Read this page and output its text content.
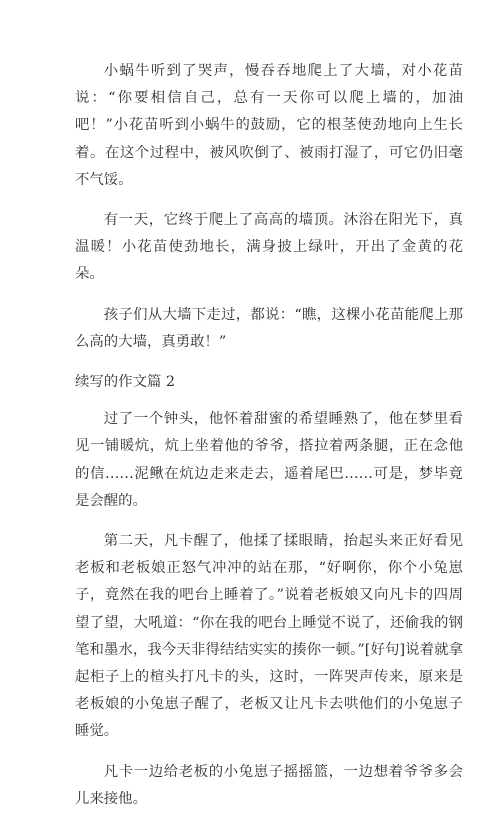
小蜗牛听到了哭声，慢吞吞地爬上了大墙，对小花苗说：“你要相信自己，总有一天你可以爬上墙的，加油吧！”小花苗听到小蜗牛的鼓励，它的根茎使劲地向上生长着。在这个过程中，被风吹倒了、被雨打湿了，可它仍旧毫不气馁。

有一天，它终于爬上了高高的墙顶。沐浴在阳光下，真温暖！小花苗使劲地长，满身披上绿叶，开出了金黄的花朵。

孩子们从大墙下走过，都说：“瞧，这棵小花苗能爬上那么高的大墙，真勇敢！”

续写的作文篇 2

过了一个钟头，他怀着甜蜜的希望睡熟了，他在梦里看见一铺暖炕，炕上坐着他的爷爷，搭拉着两条腿，正在念他的信……泥鳅在炕边走来走去，遥着尾巴……可是，梦毕竟是会醒的。

第二天，凡卡醒了，他揉了揉眼睛，抬起头来正好看见老板和老板娘正怒气冲冲的站在那，“好啊你，你个小兔崽子，竟然在我的吧台上睡着了。”说着老板娘又向凡卡的四周望了望，大吼道：“你在我的吧台上睡觉不说了，还偷我的钢笔和墨水，我今天非得结结实实的揍你一顿。”[好句]说着就拿起柜子上的楦头打凡卡的头，这时，一阵哭声传来，原来是老板娘的小兔崽子醒了，老板又让凡卡去哄他们的小兔崽子睡觉。

凡卡一边给老板的小兔崽子摇摇篮，一边想着爷爷多会儿来接他。
